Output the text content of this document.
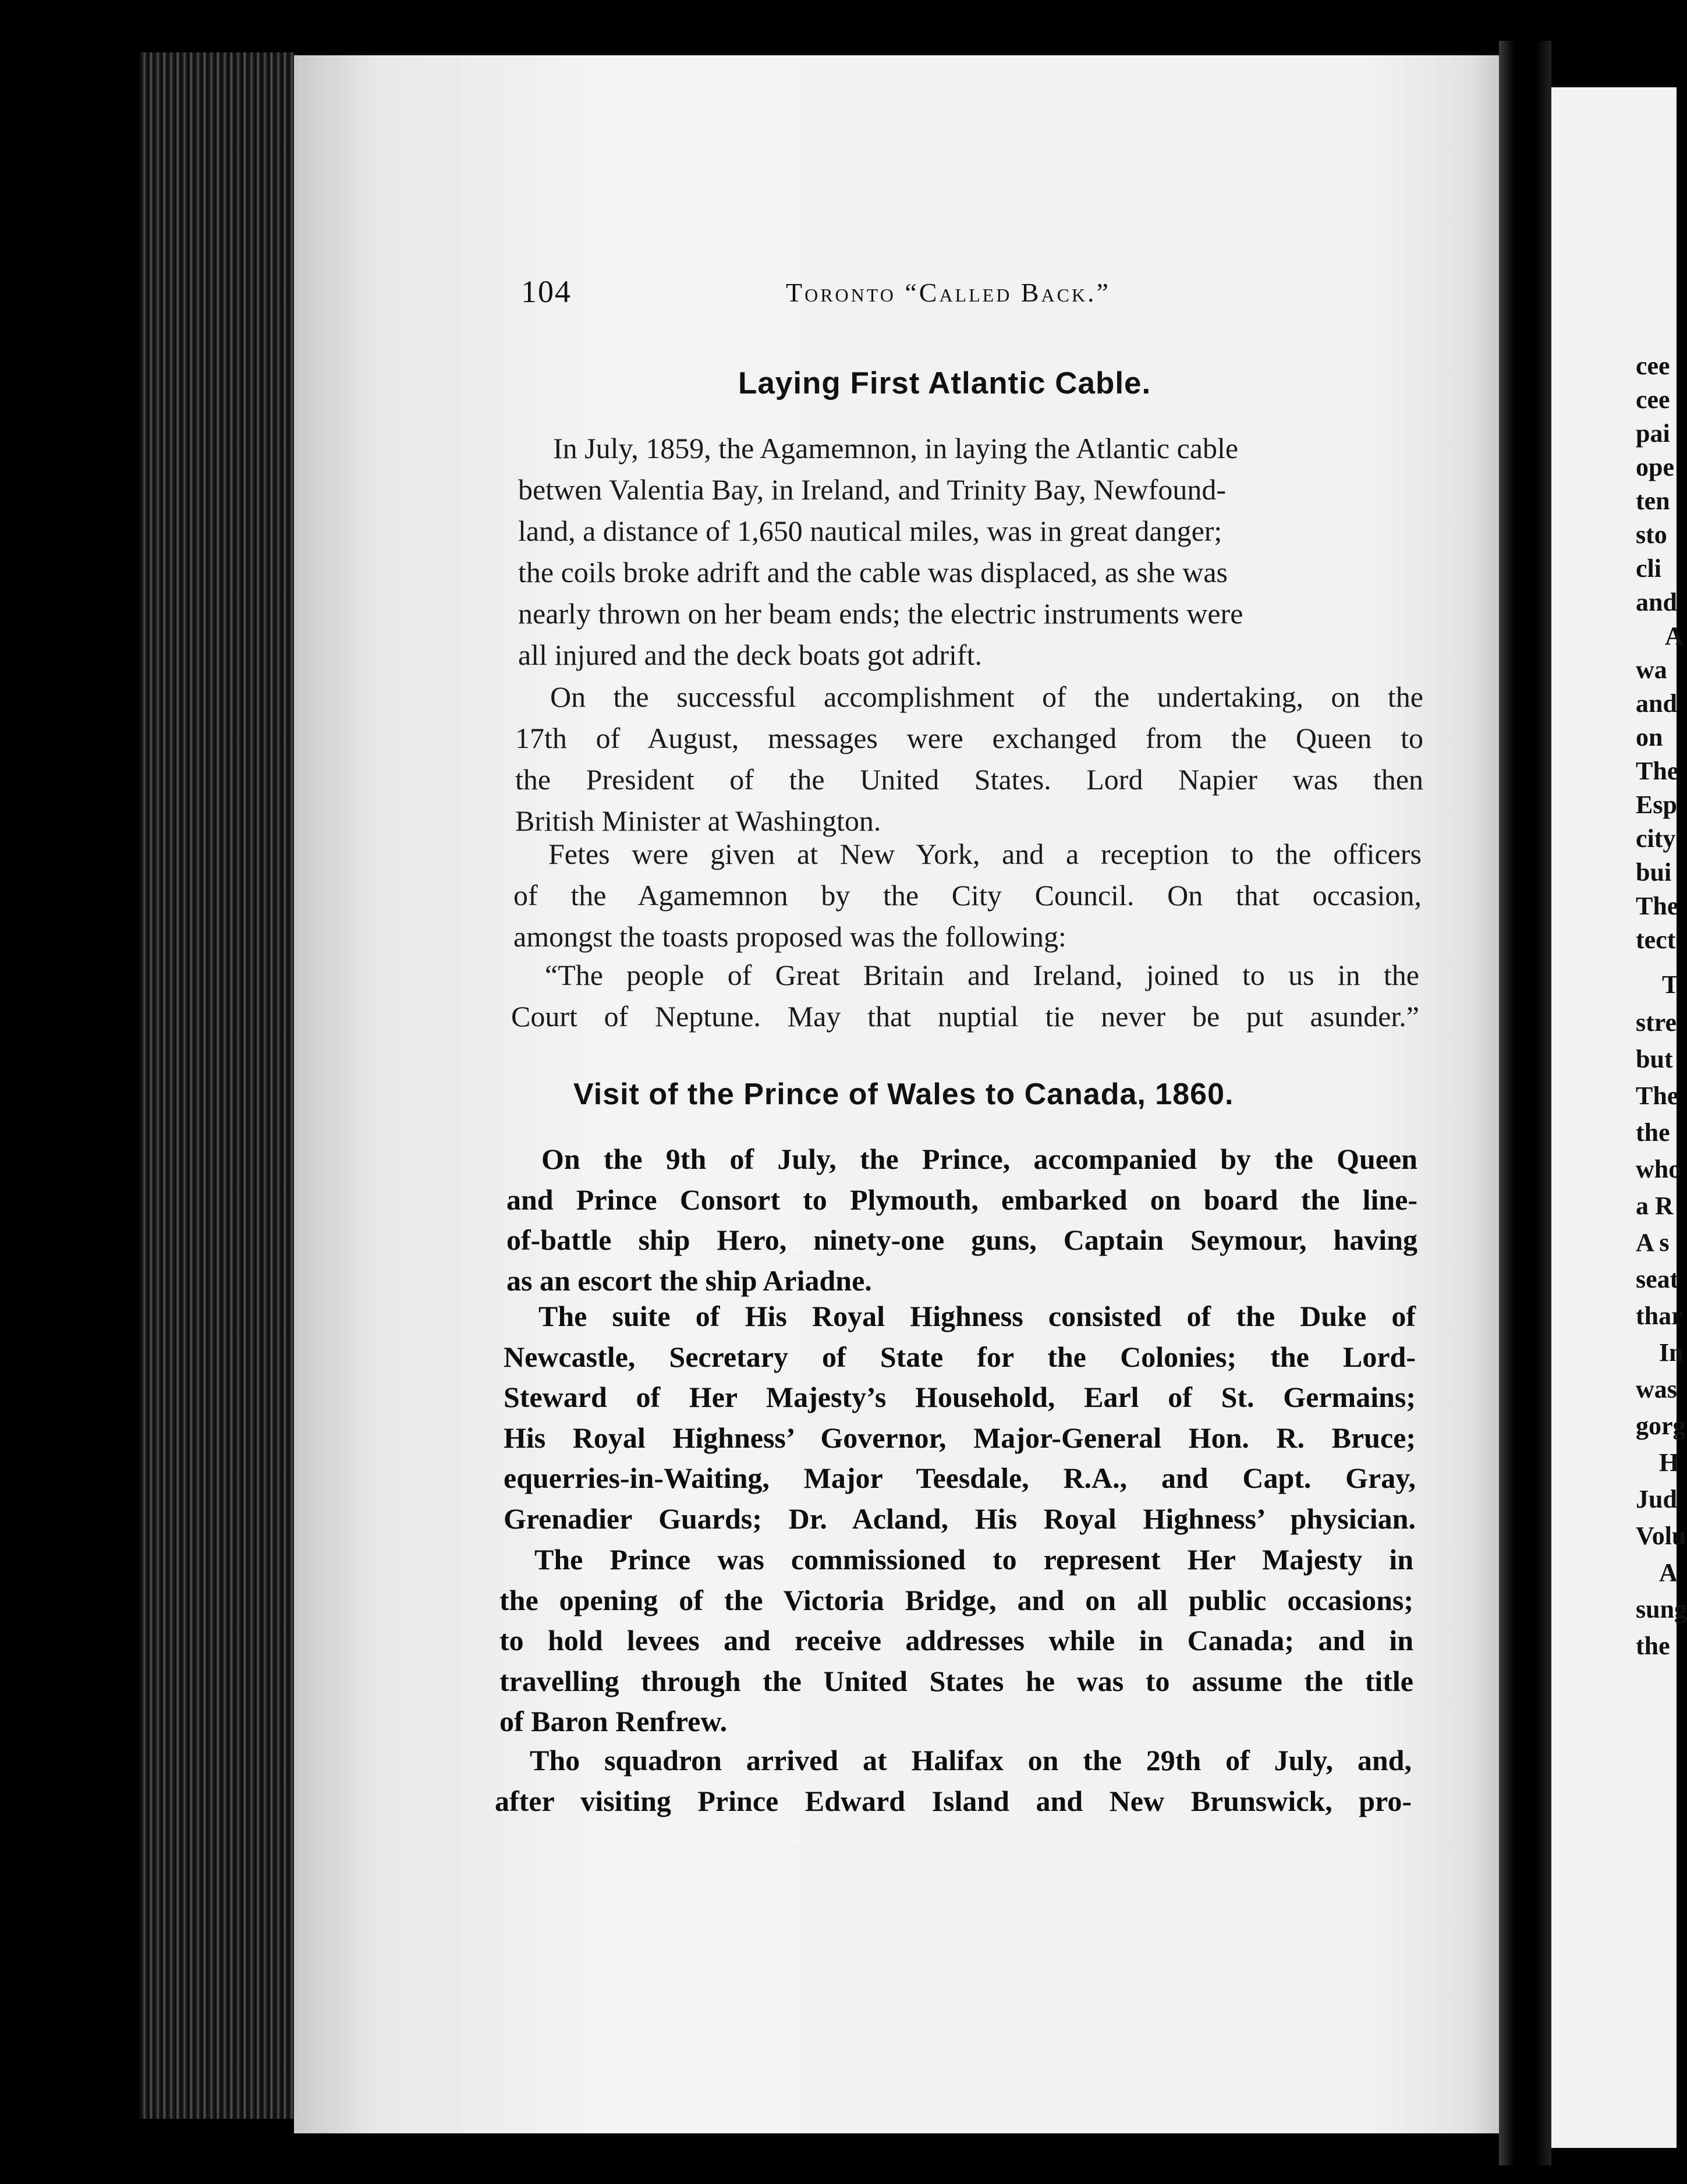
104	Toronto “Called Back.”
Laying First Atlantic Cable.
In July, 1859, the Agamemnon, in laying the Atlantic cable
betwen Valentia Bay, in Ireland, and Trinity Bay, Newfound-
land, a distance of 1,650 nautical miles, was in great danger;
the coils broke adrift and the cable was displaced, as she was
nearly thrown on her beam ends; the electric instruments were
all injured and the deck boats got adrift.
On the successful accomplishment of the undertaking, on the
17th of August, messages were exchanged from the Queen to
the President of the United States. Lord Napier was then
British Minister at Washington.
Fetes were given at New York, and a reception to the officers
of the Agamemnon by the City Council. On that occasion,
amongst the toasts proposed was the following:
“The people of Great Britain and Ireland, joined to us in the
Court of Neptune. May that nuptial tie never be put asunder.”
Visit of the Prince of Wales to Canada, 1860.
On the 9th of July, the Prince, accompanied by the Queen
and Prince Consort to Plymouth, embarked on board the line-
of-battle ship Hero, ninety-one guns, Captain Seymour, having
as an escort the ship Ariadne.
The suite of His Royal Highness consisted of the Duke of
Newcastle, Secretary of State for the Colonies; the Lord-
Steward of Her Majesty’s Household, Earl of St. Germains;
His Royal Highness’ Governor, Major-General Hon. R. Bruce;
equerries-in-Waiting, Major Teesdale, R.A., and Capt. Gray,
Grenadier Guards; Dr. Acland, His Royal Highness’ physician.
The Prince was commissioned to represent Her Majesty in
the opening of the Victoria Bridge, and on all public occasions;
to hold levees and receive addresses while in Canada; and in
travelling through the United States he was to assume the title
of Baron Renfrew.
Tho squadron arrived at Halifax on the 29th of July, and,
after visiting Prince Edward Island and New Brunswick, pro-
cee
cee
pai
ope
ten
sto
cli
and
A
wa
and
on
The
Esp
city
bui
The
tect
T
stre
but
The
the
who
a R
A s
seat
thar
In
was
gorg
H
Jud
Volu
A
sung
the
